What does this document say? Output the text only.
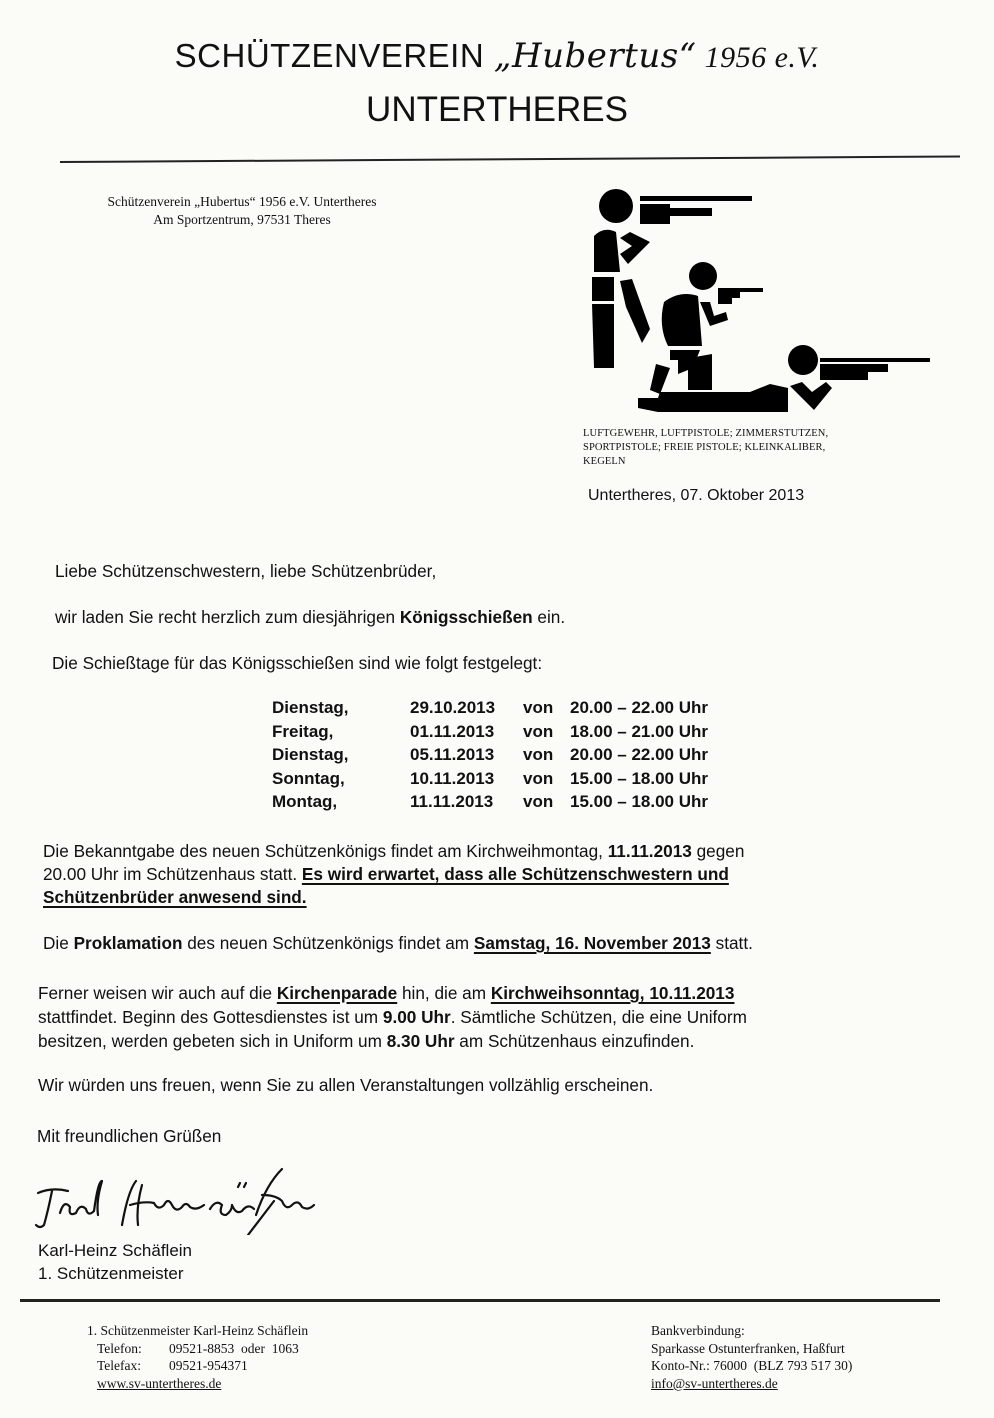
SCHÜTZENVEREIN „Hubertus“ 1956 e.V.
UNTERTHERES
Schützenverein „Hubertus“ 1956 e.V. Untertheres
Am Sportzentrum, 97531 Theres
LUFTGEWEHR, LUFTPISTOLE; ZIMMERSTUTZEN,
SPORTPISTOLE; FREIE PISTOLE; KLEINKALIBER,
KEGELN
Untertheres, 07. Oktober 2013
Liebe Schützenschwestern, liebe Schützenbrüder,
wir laden Sie recht herzlich zum diesjährigen Königsschießen ein.
Die Schießtage für das Königsschießen sind wie folgt festgelegt:
Dienstag,	29.10.2013	von 20.00 – 22.00 Uhr
Freitag,	01.11.2013	von 18.00 – 21.00 Uhr
Dienstag,	05.11.2013	von 20.00 – 22.00 Uhr
Sonntag,	10.11.2013	von 15.00 – 18.00 Uhr
Montag,	11.11.2013	von 15.00 – 18.00 Uhr
Die Bekanntgabe des neuen Schützenkönigs findet am Kirchweihmontag, 11.11.2013 gegen
20.00 Uhr im Schützenhaus statt. Es wird erwartet, dass alle Schützenschwestern und
Schützenbrüder anwesend sind.
Die Proklamation des neuen Schützenkönigs findet am Samstag, 16. November 2013 statt.
Ferner weisen wir auch auf die Kirchenparade hin, die am Kirchweihsonntag, 10.11.2013
stattfindet. Beginn des Gottesdienstes ist um 9.00 Uhr. Sämtliche Schützen, die eine Uniform
besitzen, werden gebeten sich in Uniform um 8.30 Uhr am Schützenhaus einzufinden.
Wir würden uns freuen, wenn Sie zu allen Veranstaltungen vollzählig erscheinen.
Mit freundlichen Grüßen
Karl-Heinz Schäflein
1. Schützenmeister
1. Schützenmeister Karl-Heinz Schäflein
Telefon: 09521-8853  oder  1063
Telefax: 09521-954371
www.sv-untertheres.de
Bankverbindung:
Sparkasse Ostunterfranken, Haßfurt
Konto-Nr.: 76000  (BLZ 793 517 30)
info@sv-untertheres.de
